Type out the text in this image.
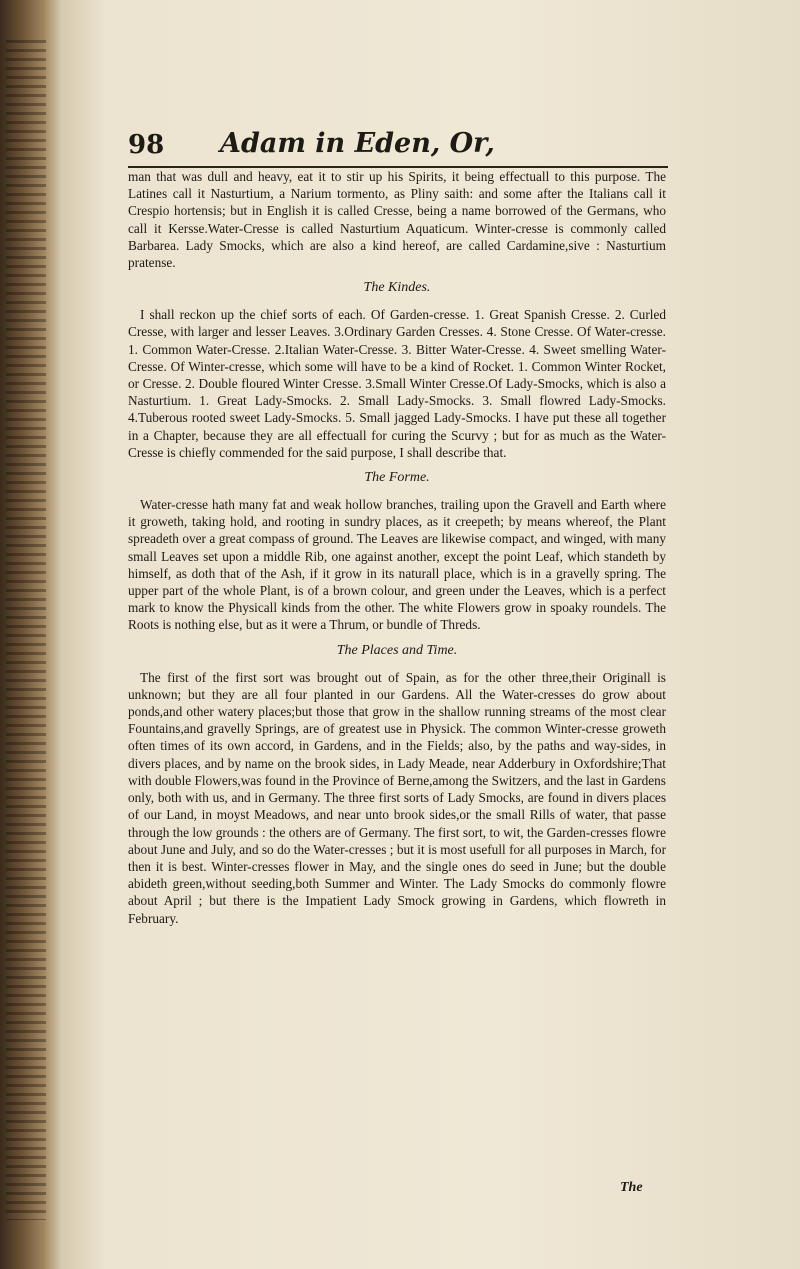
98 Adam in Eden, Or,

man that was dull and heavy, eat it to stir up his Spirits, it being effectuall to this purpose. The Latines call it Nasturtium, a Narium tormento, as Pliny saith: and some after the Italians call it Crespio hortensis; but in English it is called Cresse, being a name borrowed of the Germans, who call it Kersse.Water-Cresse is called Nasturtium Aquaticum. Winter-cresse is commonly called Barbarea. Lady Smocks, which are also a kind hereof, are called Cardamine,sive : Nasturtium pratense.

The Kindes.

I shall reckon up the chief sorts of each. Of Garden-cresse. 1. Great Spanish Cresse. 2. Curled Cresse, with larger and lesser Leaves. 3.Ordinary Garden Cresses. 4. Stone Cresse. Of Water-cresse. 1. Common Water-Cresse. 2.Italian Water-Cresse. 3. Bitter Water-Cresse. 4. Sweet smelling Water-Cresse. Of Winter-cresse, which some will have to be a kind of Rocket. 1. Common Winter Rocket, or Cresse. 2. Double floured Winter Cresse. 3.Small Winter Cresse.Of Lady-Smocks, which is also a Nasturtium. 1. Great Lady-Smocks. 2. Small Lady-Smocks. 3. Small flowred Lady-Smocks. 4.Tuberous rooted sweet Lady-Smocks. 5. Small jagged Lady-Smocks. I have put these all together in a Chapter, because they are all effectuall for curing the Scurvy ; but for as much as the Water-Cresse is chiefly commended for the said purpose, I shall describe that.

The Forme.

Water-cresse hath many fat and weak hollow branches, trailing upon the Gravell and Earth where it groweth, taking hold, and rooting in sundry places, as it creepeth; by means whereof, the Plant spreadeth over a great compass of ground. The Leaves are likewise compact, and winged, with many small Leaves set upon a middle Rib, one against another, except the point Leaf, which standeth by himself, as doth that of the Ash, if it grow in its naturall place, which is in a gravelly spring. The upper part of the whole Plant, is of a brown colour, and green under the Leaves, which is a perfect mark to know the Physicall kinds from the other. The white Flowers grow in spoaky roundels. The Roots is nothing else, but as it were a Thrum, or bundle of Threds.

The Places and Time.

The first of the first sort was brought out of Spain, as for the other three,their Originall is unknown; but they are all four planted in our Gardens. All the Water-cresses do grow about ponds,and other watery places;but those that grow in the shallow running streams of the most clear Fountains,and gravelly Springs, are of greatest use in Physick. The common Winter-cresse groweth often times of its own accord, in Gardens, and in the Fields; also, by the paths and way-sides, in divers places, and by name on the brook sides, in Lady Meade, near Adderbury in Oxfordshire;That with double Flowers,was found in the Province of Berne,among the Switzers, and the last in Gardens only, both with us, and in Germany. The three first sorts of Lady Smocks, are found in divers places of our Land, in moyst Meadows, and near unto brook sides,or the small Rills of water, that passe through the low grounds : the others are of Germany. The first sort, to wit, the Garden-cresses flowre about June and July, and so do the Water-cresses ; but it is most usefull for all purposes in March, for then it is best. Winter-cresses flower in May, and the single ones do seed in June; but the double abideth green,without seeding,both Summer and Winter. The Lady Smocks do commonly flowre about April ; but there is the Impatient Lady Smock growing in Gardens, which flowreth in February.

The
